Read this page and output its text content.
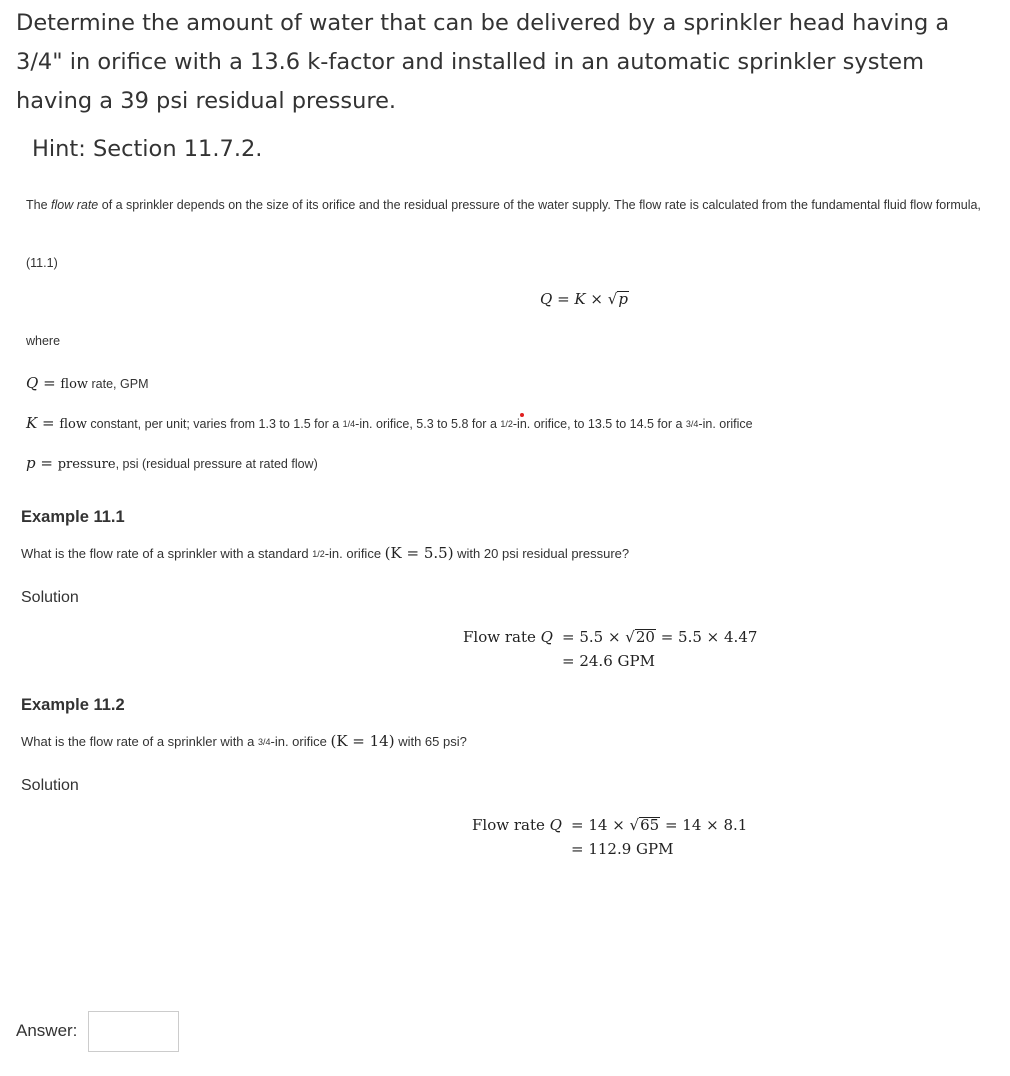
Determine the amount of water that can be delivered by a sprinkler head having a 3/4" in orifice with a 13.6 k-factor and installed in an automatic sprinkler system having a 39 psi residual pressure.
Hint: Section 11.7.2.
The flow rate of a sprinkler depends on the size of its orifice and the residual pressure of the water supply. The flow rate is calculated from the fundamental fluid flow formula,
(11.1)
Q = K × √p
where
Q = flow rate, GPM
K = flow constant, per unit; varies from 1.3 to 1.5 for a 1/4-in. orifice, 5.3 to 5.8 for a 1/2-in. orifice, to 13.5 to 14.5 for a 3/4-in. orifice
p = pressure, psi (residual pressure at rated flow)
Example 11.1
What is the flow rate of a sprinkler with a standard 1/2-in. orifice (K = 5.5) with 20 psi residual pressure?
Solution
Flow rate Q = 5.5 × √20 = 5.5 × 4.47
= 24.6 GPM
Example 11.2
What is the flow rate of a sprinkler with a 3/4-in. orifice (K = 14) with 65 psi?
Solution
Flow rate Q = 14 × √65 = 14 × 8.1
= 112.9 GPM
Answer:
